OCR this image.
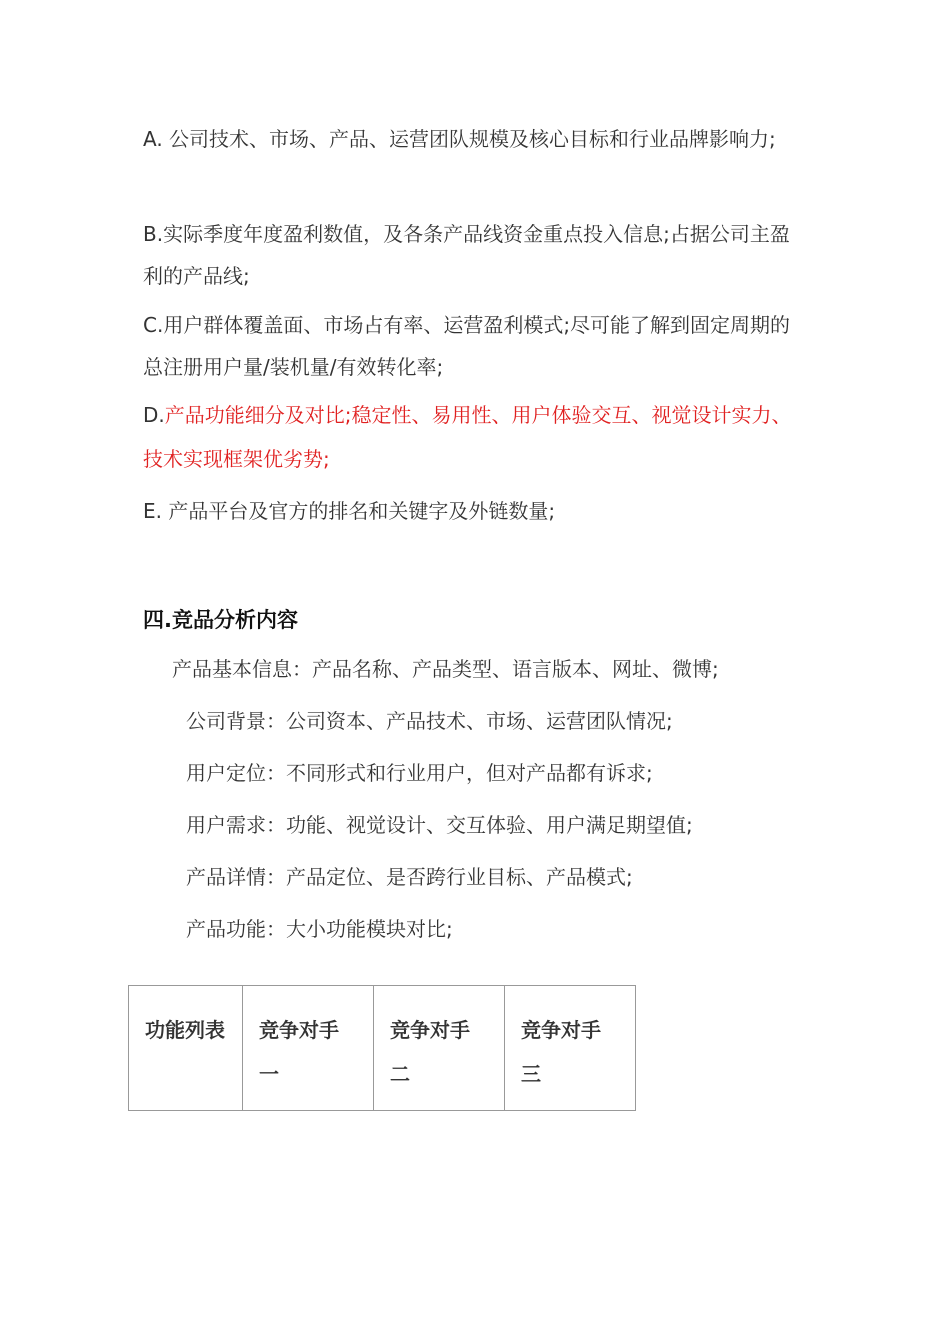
A. 公司技术、市场、产品、运营团队规模及核心目标和行业品牌影响力;

B.实际季度年度盈利数值，及各条产品线资金重点投入信息;占据公司主盈利的产品线;

C.用户群体覆盖面、市场占有率、运营盈利模式;尽可能了解到固定周期的总注册用户量/装机量/有效转化率;

D.产品功能细分及对比;稳定性、易用性、用户体验交互、视觉设计实力、技术实现框架优劣势;

E. 产品平台及官方的排名和关键字及外链数量;

四.竞品分析内容

产品基本信息：产品名称、产品类型、语言版本、网址、微博;

公司背景：公司资本、产品技术、市场、运营团队情况;

用户定位：不同形式和行业用户，但对产品都有诉求;

用户需求：功能、视觉设计、交互体验、用户满足期望值;

产品详情：产品定位、是否跨行业目标、产品模式;

产品功能：大小功能模块对比;

功能列表	竞争对手一	竞争对手二	竞争对手三
